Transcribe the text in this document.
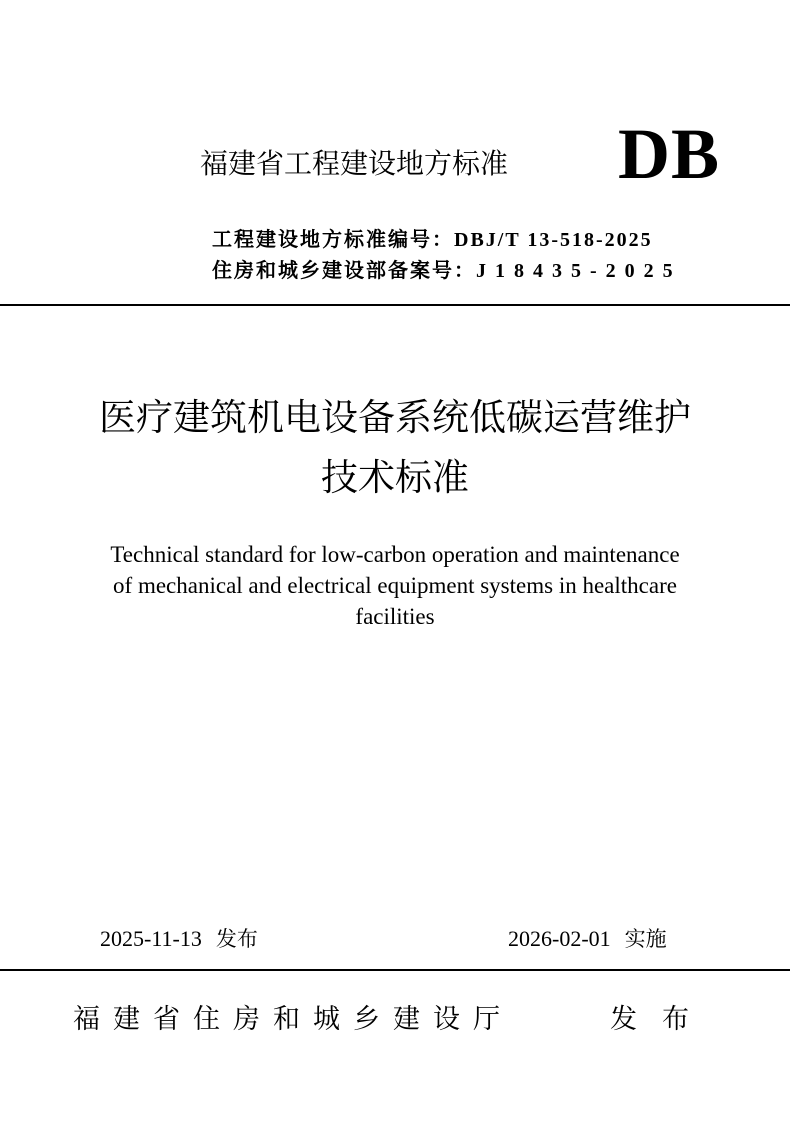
福建省工程建设地方标准 DB
工程建设地方标准编号：DBJ/T 13-518-2025
住房和城乡建设部备案号：J18435-2025
医疗建筑机电设备系统低碳运营维护
技术标准
Technical standard for low-carbon operation and maintenance
of mechanical and electrical equipment systems in healthcare
facilities
2025-11-13 发布	2026-02-01 实施
福建省住房和城乡建设厅	发布
